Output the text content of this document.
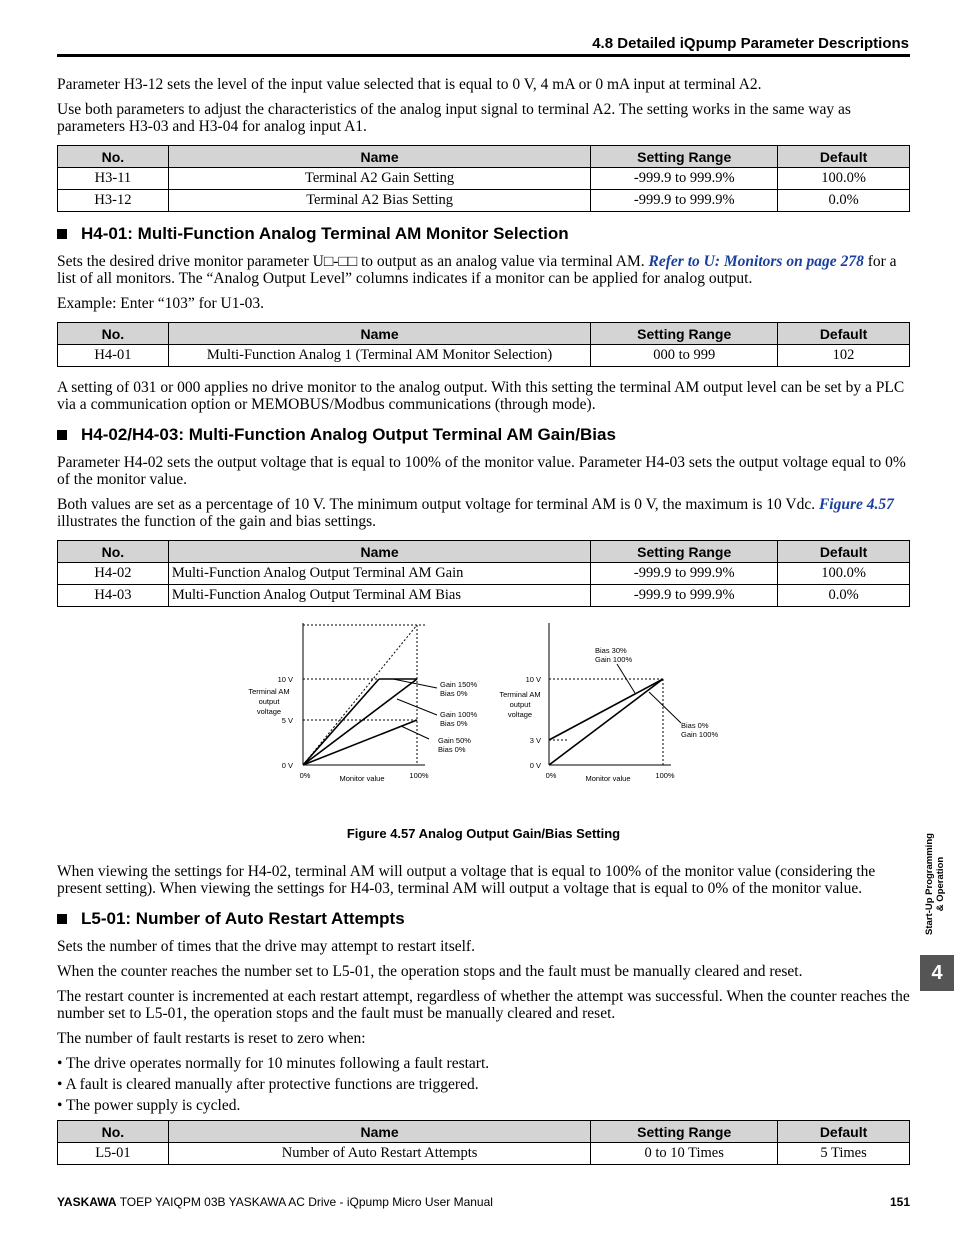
4.8 Detailed iQpump Parameter Descriptions

Parameter H3-12 sets the level of the input value selected that is equal to 0 V, 4 mA or 0 mA input at terminal A2.

Use both parameters to adjust the characteristics of the analog input signal to terminal A2. The setting works in the same way as parameters H3-03 and H3-04 for analog input A1.

No.	Name	Setting Range	Default
H3-11	Terminal A2 Gain Setting	-999.9 to 999.9%	100.0%
H3-12	Terminal A2 Bias Setting	-999.9 to 999.9%	0.0%
H4-01: Multi-Function Analog Terminal AM Monitor Selection

Sets the desired drive monitor parameter U□-□□ to output as an analog value via terminal AM. Refer to U: Monitors on page 278 for a list of all monitors. The “Analog Output Level” columns indicates if a monitor can be applied for analog output.

Example: Enter “103” for U1-03.

No.	Name	Setting Range	Default
H4-01	Multi-Function Analog 1 (Terminal AM Monitor Selection)	000 to 999	102

A setting of 031 or 000 applies no drive monitor to the analog output. With this setting the terminal AM output level can be set by a PLC via a communication option or MEMOBUS/Modbus communications (through mode).

H4-02/H4-03: Multi-Function Analog Output Terminal AM Gain/Bias

Parameter H4-02 sets the output voltage that is equal to 100% of the monitor value. Parameter H4-03 sets the output voltage equal to 0% of the monitor value.

Both values are set as a percentage of 10 V. The minimum output voltage for terminal AM is 0 V, the maximum is 10 Vdc. Figure 4.57 illustrates the function of the gain and bias settings.

No.	Name	Setting Range	Default
H4-02	Multi-Function Analog Output Terminal AM Gain	-999.9 to 999.9%	100.0%
H4-03	Multi-Function Analog Output Terminal AM Bias	-999.9 to 999.9%	0.0%
10 V
5 V
0 V
Terminal AM
output
voltage
0%	100%
Monitor value
Gain 150%
Bias 0%
Gain 100%
Bias 0%
Gain 50%
Bias 0%
10 V
3 V
0 V
Terminal AM
output
voltage
0%	100%
Monitor value
Bias 30%
Gain 100%
Bias 0%
Gain 100%
Figure 4.57 Analog Output Gain/Bias Setting

When viewing the settings for H4-02, terminal AM will output a voltage that is equal to 100% of the monitor value (considering the present setting). When viewing the settings for H4-03, terminal AM will output a voltage that is equal to 0% of the monitor value.

L5-01: Number of Auto Restart Attempts

Sets the number of times that the drive may attempt to restart itself.

When the counter reaches the number set to L5-01, the operation stops and the fault must be manually cleared and reset.

The restart counter is incremented at each restart attempt, regardless of whether the attempt was successful. When the counter reaches the number set to L5-01, the operation stops and the fault must be manually cleared and reset.

The number of fault restarts is reset to zero when:

• The drive operates normally for 10 minutes following a fault restart.
• A fault is cleared manually after protective functions are triggered.
• The power supply is cycled.
No.	Name	Setting Range	Default
L5-01	Number of Auto Restart Attempts	0 to 10 Times	5 Times
Start-Up Programming & Operation
4
YASKAWA TOEP YAIQPM 03B YASKAWA AC Drive - iQpump Micro User Manual	151
